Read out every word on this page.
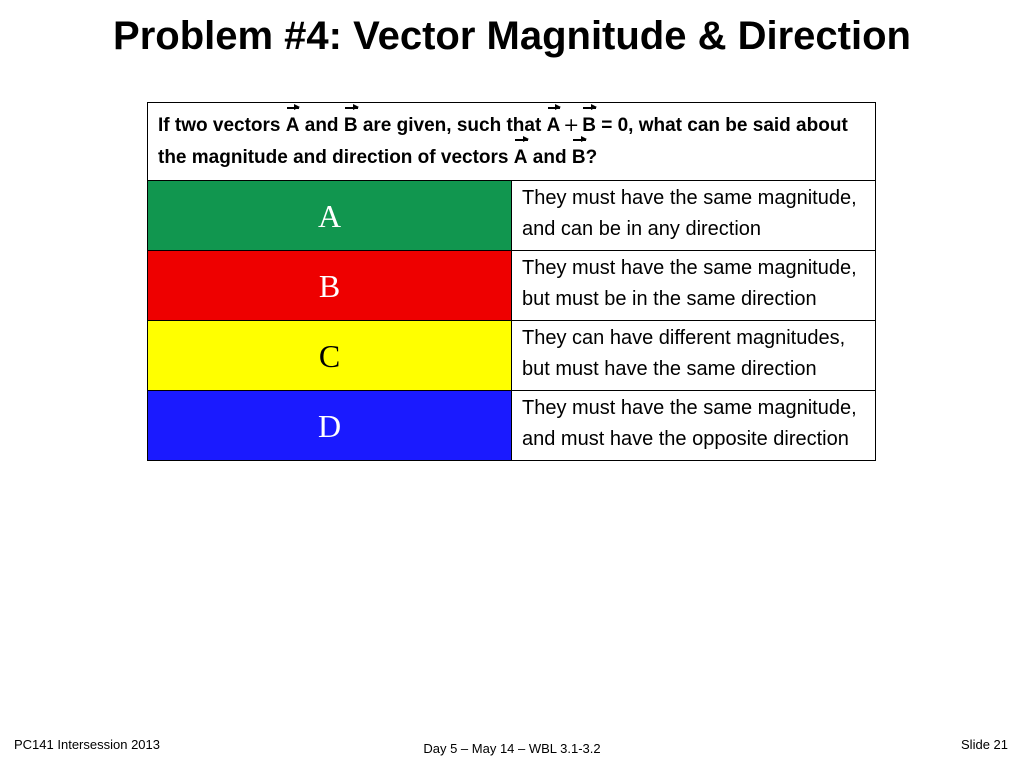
Problem #4: Vector Magnitude & Direction
If two vectors A and B are given, such that A + B = 0, what can be said about the magnitude and direction of vectors A and B?	
A	They must have the same magnitude, and can be in any direction
B	They must have the same magnitude, but must be in the same direction
C	They can have different magnitudes, but must have the same direction
D	They must have the same magnitude, and must have the opposite direction
PC141 Intersession 2013	Day 5 – May 14 – WBL 3.1-3.2	Slide 21
